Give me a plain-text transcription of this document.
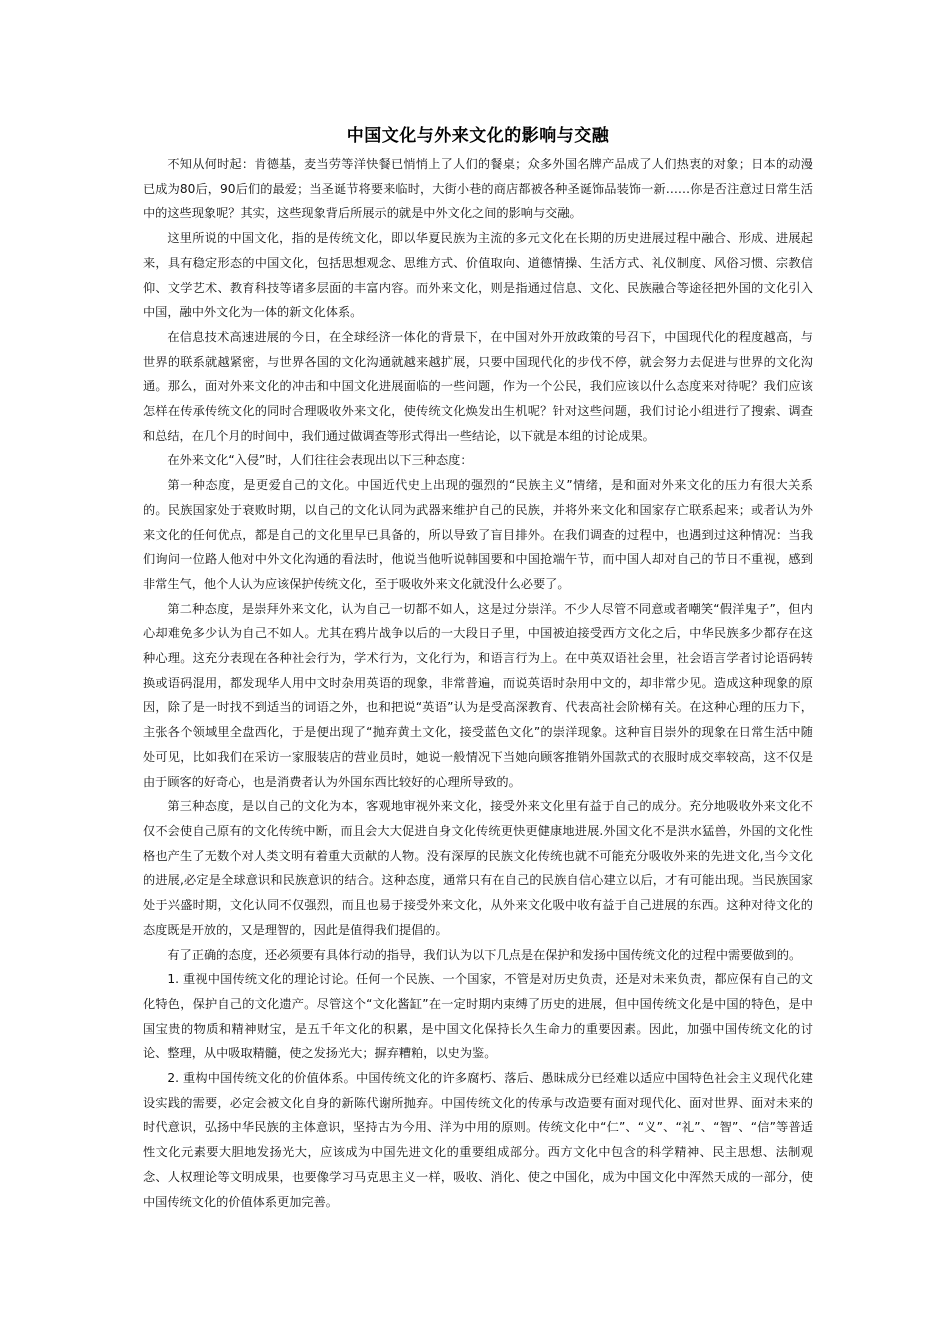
中国文化与外来文化的影响与交融

不知从何时起：肯德基，麦当劳等洋快餐已悄悄上了人们的餐桌；众多外国名牌产品成了人们热衷的对象；日本的动漫已成为80后，90后们的最爱；当圣诞节将要来临时，大街小巷的商店都被各种圣诞饰品装饰一新……你是否注意过日常生活中的这些现象呢？其实，这些现象背后所展示的就是中外文化之间的影响与交融。

这里所说的中国文化，指的是传统文化，即以华夏民族为主流的多元文化在长期的历史进展过程中融合、形成、进展起来，具有稳定形态的中国文化，包括思想观念、思维方式、价值取向、道德情操、生活方式、礼仪制度、风俗习惯、宗教信仰、文学艺术、教育科技等诸多层面的丰富内容。而外来文化，则是指通过信息、文化、民族融合等途径把外国的文化引入中国，融中外文化为一体的新文化体系。

在信息技术高速进展的今日，在全球经济一体化的背景下，在中国对外开放政策的号召下，中国现代化的程度越高，与世界的联系就越紧密，与世界各国的文化沟通就越来越扩展，只要中国现代化的步伐不停，就会努力去促进与世界的文化沟通。那么，面对外来文化的冲击和中国文化进展面临的一些问题，作为一个公民，我们应该以什么态度来对待呢？我们应该怎样在传承传统文化的同时合理吸收外来文化，使传统文化焕发出生机呢？针对这些问题，我们讨论小组进行了搜索、调查和总结，在几个月的时间中，我们通过做调查等形式得出一些结论，以下就是本组的讨论成果。

在外来文化“入侵”时，人们往往会表现出以下三种态度：

第一种态度，是更爱自己的文化。中国近代史上出现的强烈的“民族主义”情绪，是和面对外来文化的压力有很大关系的。民族国家处于衰败时期，以自己的文化认同为武器来维护自己的民族，并将外来文化和国家存亡联系起来；或者认为外来文化的任何优点，都是自己的文化里早已具备的，所以导致了盲目排外。在我们调查的过程中，也遇到过这种情况：当我们询问一位路人他对中外文化沟通的看法时，他说当他听说韩国要和中国抢端午节，而中国人却对自己的节日不重视，感到非常生气，他个人认为应该保护传统文化，至于吸收外来文化就没什么必要了。

第二种态度，是崇拜外来文化，认为自己一切都不如人，这是过分崇洋。不少人尽管不同意或者嘲笑“假洋鬼子”，但内心却难免多少认为自己不如人。尤其在鸦片战争以后的一大段日子里，中国被迫接受西方文化之后，中华民族多少都存在这种心理。这充分表现在各种社会行为，学术行为，文化行为，和语言行为上。在中英双语社会里，社会语言学者讨论语码转换或语码混用，都发现华人用中文时杂用英语的现象，非常普遍，而说英语时杂用中文的，却非常少见。造成这种现象的原因，除了是一时找不到适当的词语之外，也和把说“英语”认为是受高深教育、代表高社会阶梯有关。在这种心理的压力下，主张各个领域里全盘西化，于是便出现了“抛弃黄土文化，接受蓝色文化”的崇洋现象。这种盲目崇外的现象在日常生活中随处可见，比如我们在采访一家服装店的营业员时，她说一般情况下当她向顾客推销外国款式的衣服时成交率较高，这不仅是由于顾客的好奇心，也是消费者认为外国东西比较好的心理所导致的。

第三种态度，是以自己的文化为本，客观地审视外来文化，接受外来文化里有益于自己的成分。充分地吸收外来文化不仅不会使自己原有的文化传统中断，而且会大大促进自身文化传统更快更健康地进展.外国文化不是洪水猛兽，外国的文化性格也产生了无数个对人类文明有着重大贡献的人物。没有深厚的民族文化传统也就不可能充分吸收外来的先进文化,当今文化的进展,必定是全球意识和民族意识的结合。这种态度，通常只有在自己的民族自信心建立以后，才有可能出现。当民族国家处于兴盛时期，文化认同不仅强烈，而且也易于接受外来文化，从外来文化吸中收有益于自己进展的东西。这种对待文化的态度既是开放的，又是理智的，因此是值得我们提倡的。

有了正确的态度，还必须要有具体行动的指导，我们认为以下几点是在保护和发扬中国传统文化的过程中需要做到的。

1. 重视中国传统文化的理论讨论。任何一个民族、一个国家，不管是对历史负责，还是对未来负责，都应保有自己的文化特色，保护自己的文化遗产。尽管这个“文化酱缸”在一定时期内束缚了历史的进展，但中国传统文化是中国的特色，是中国宝贵的物质和精神财宝，是五千年文化的积累，是中国文化保持长久生命力的重要因素。因此，加强中国传统文化的讨论、整理，从中吸取精髓，使之发扬光大；摒弃糟粕，以史为鉴。

2. 重构中国传统文化的价值体系。中国传统文化的许多腐朽、落后、愚昧成分已经难以适应中国特色社会主义现代化建设实践的需要，必定会被文化自身的新陈代谢所抛弃。中国传统文化的传承与改造要有面对现代化、面对世界、面对未来的时代意识，弘扬中华民族的主体意识，坚持古为今用、洋为中用的原则。传统文化中“仁”、“义”、“礼”、“智”、“信”等普适性文化元素要大胆地发扬光大，应该成为中国先进文化的重要组成部分。西方文化中包含的科学精神、民主思想、法制观念、人权理论等文明成果，也要像学习马克思主义一样，吸收、消化、使之中国化，成为中国文化中浑然天成的一部分，使中国传统文化的价值体系更加完善。
